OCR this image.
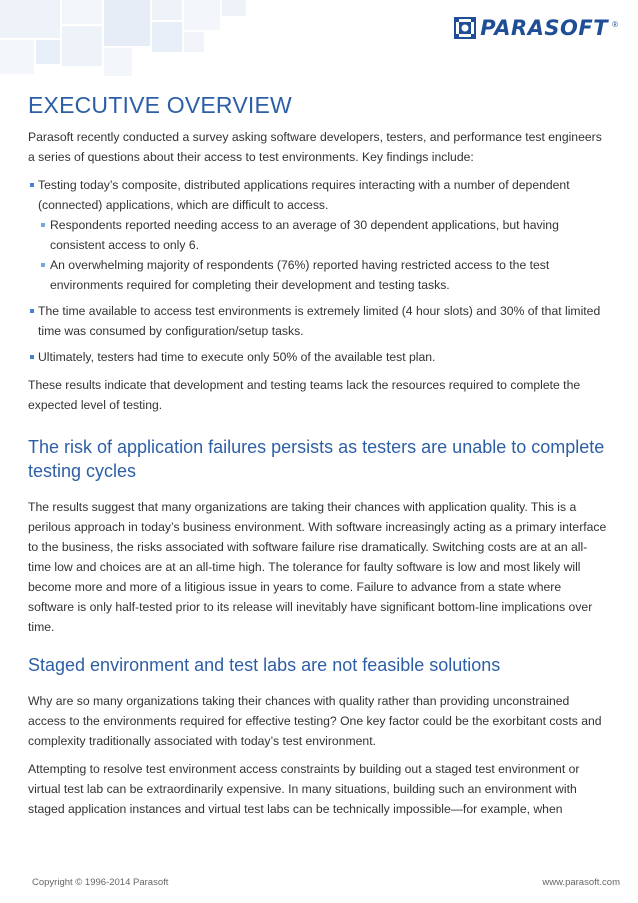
PARASOFT ®
EXECUTIVE OVERVIEW

Parasoft recently conducted a survey asking software developers, testers, and performance test engineers a series of questions about their access to test environments. Key findings include:

Testing today’s composite, distributed applications requires interacting with a number of dependent (connected) applications, which are difficult to access.
Respondents reported needing access to an average of 30 dependent applications, but having consistent access to only 6.
An overwhelming majority of respondents (76%) reported having restricted access to the test environments required for completing their development and testing tasks.
The time available to access test environments is extremely limited (4 hour slots) and 30% of that limited time was consumed by configuration/setup tasks.
Ultimately, testers had time to execute only 50% of the available test plan.

These results indicate that development and testing teams lack the resources required to complete the expected level of testing.

The risk of application failures persists as testers are unable to complete testing cycles

The results suggest that many organizations are taking their chances with application quality. This is a perilous approach in today’s business environment. With software increasingly acting as a primary interface to the business, the risks associated with software failure rise dramatically. Switching costs are at an all-time low and choices are at an all-time high. The tolerance for faulty software is low and most likely will become more and more of a litigious issue in years to come. Failure to advance from a state where software is only half-tested prior to its release will inevitably have significant bottom-line implications over time.

Staged environment and test labs are not feasible solutions

Why are so many organizations taking their chances with quality rather than providing unconstrained access to the environments required for effective testing? One key factor could be the exorbitant costs and complexity traditionally associated with today’s test environment.

Attempting to resolve test environment access constraints by building out a staged test environment or virtual test lab can be extraordinarily expensive. In many situations, building such an environment with staged application instances and virtual test labs can be technically impossible—for example, when

Copyright © 1996-2014 Parasoft	www.parasoft.com
